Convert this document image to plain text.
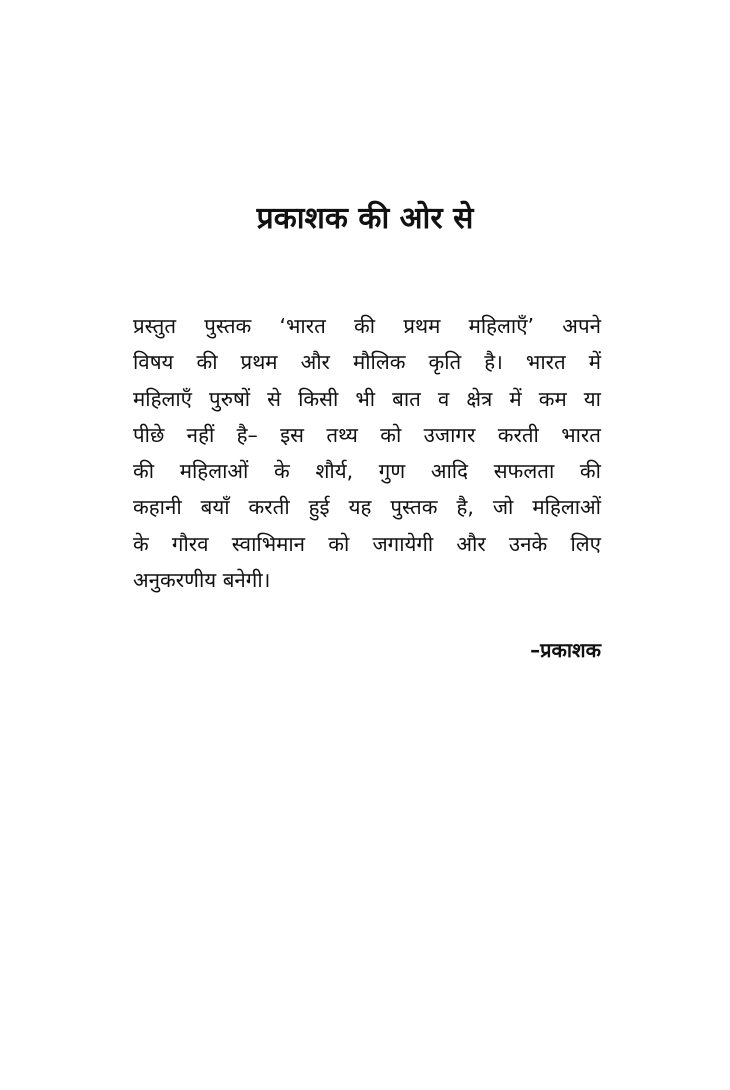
प्रकाशक की ओर से
प्रस्तुत पुस्तक ‘भारत की प्रथम महिलाएँ’ अपने
विषय की प्रथम और मौलिक कृति है। भारत में
महिलाएँ पुरुषों से किसी भी बात व क्षेत्र में कम या
पीछे नहीं है– इस तथ्य को उजागर करती भारत
की महिलाओं के शौर्य, गुण आदि सफलता की
कहानी बयाँ करती हुई यह पुस्तक है, जो महिलाओं
के गौरव स्वाभिमान को जगायेगी और उनके लिए
अनुकरणीय बनेगी।

–प्रकाशक
